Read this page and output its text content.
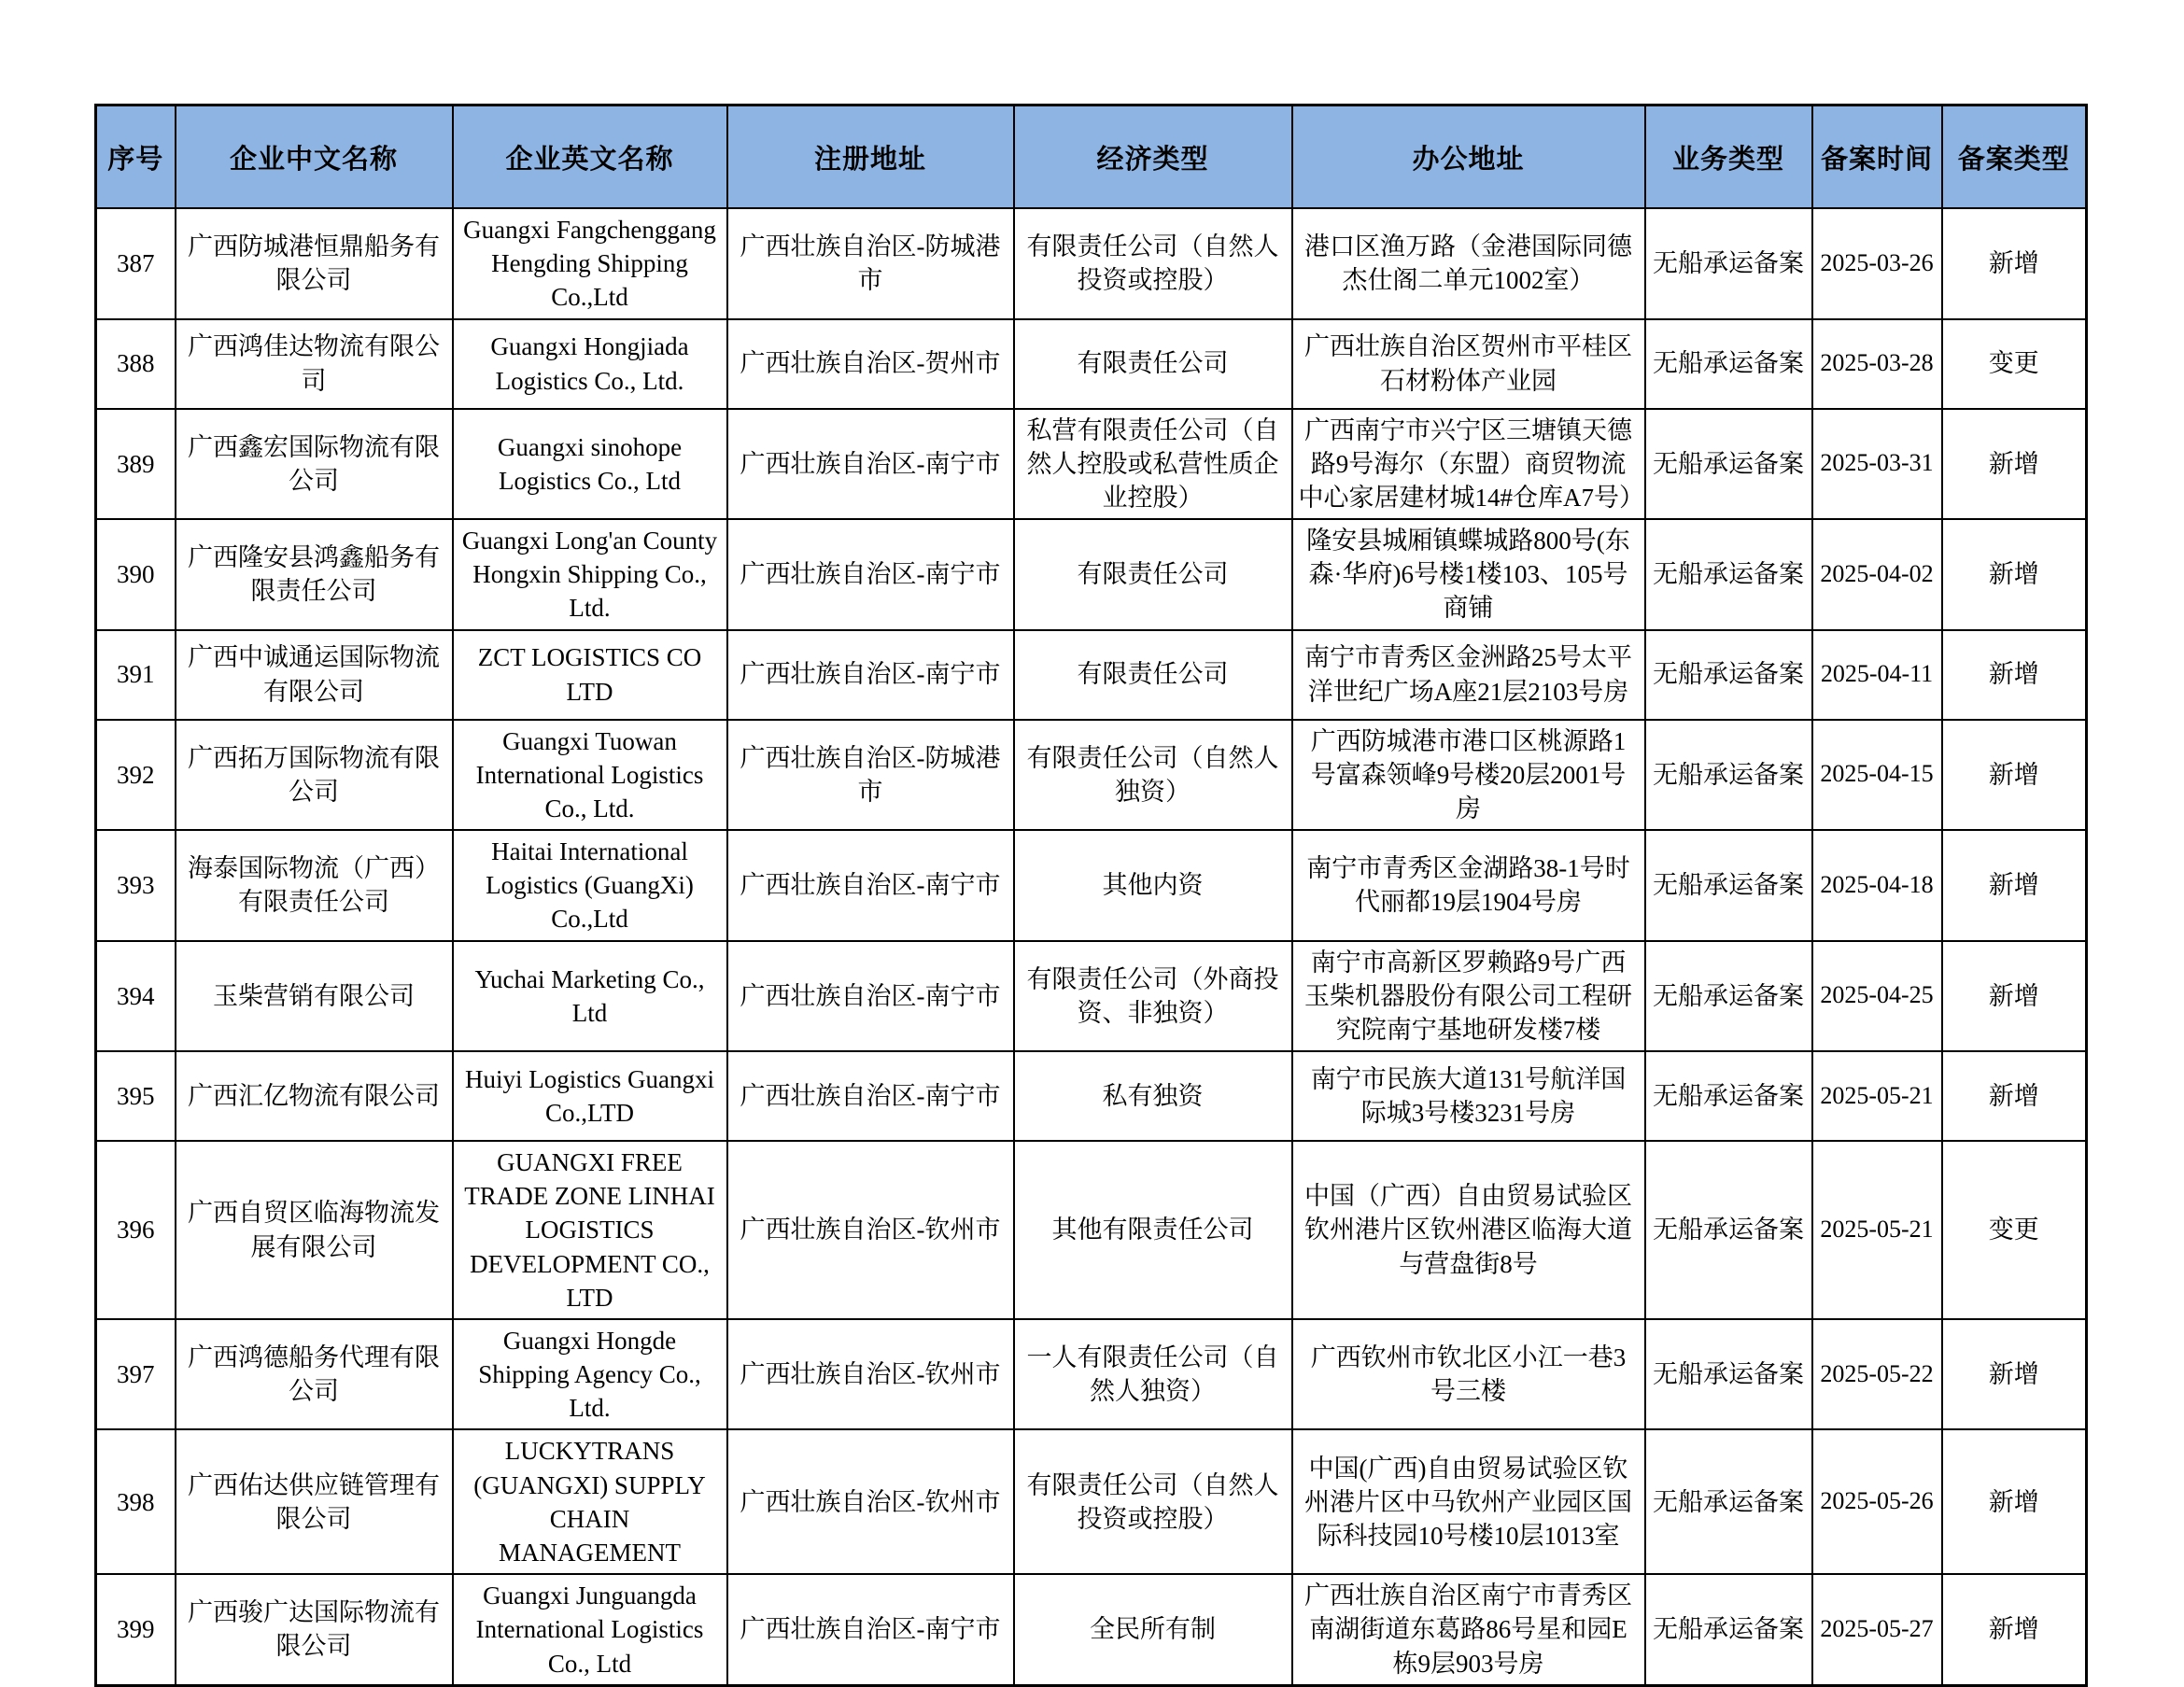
序号	企业中文名称	企业英文名称	注册地址	经济类型	办公地址	业务类型	备案时间	备案类型
387	广西防城港恒鼎船务有限公司	Guangxi Fangchenggang Hengding Shipping Co.,Ltd	广西壮族自治区-防城港市	有限责任公司（自然人投资或控股）	港口区渔万路（金港国际同德杰仕阁二单元1002室）	无船承运备案	2025-03-26	新增
388	广西鸿佳达物流有限公司	Guangxi Hongjiada Logistics Co., Ltd.	广西壮族自治区-贺州市	有限责任公司	广西壮族自治区贺州市平桂区石材粉体产业园	无船承运备案	2025-03-28	变更
389	广西鑫宏国际物流有限公司	Guangxi sinohope Logistics Co., Ltd	广西壮族自治区-南宁市	私营有限责任公司（自然人控股或私营性质企业控股）	广西南宁市兴宁区三塘镇天德路9号海尔（东盟）商贸物流中心家居建材城14#仓库A7号）	无船承运备案	2025-03-31	新增
390	广西隆安县鸿鑫船务有限责任公司	Guangxi Long'an County Hongxin Shipping Co., Ltd.	广西壮族自治区-南宁市	有限责任公司	隆安县城厢镇蝶城路800号(东森·华府)6号楼1楼103、105号商铺	无船承运备案	2025-04-02	新增
391	广西中诚通运国际物流有限公司	ZCT LOGISTICS CO LTD	广西壮族自治区-南宁市	有限责任公司	南宁市青秀区金洲路25号太平洋世纪广场A座21层2103号房	无船承运备案	2025-04-11	新增
392	广西拓万国际物流有限公司	Guangxi Tuowan International Logistics Co., Ltd.	广西壮族自治区-防城港市	有限责任公司（自然人独资）	广西防城港市港口区桃源路1号富森领峰9号楼20层2001号房	无船承运备案	2025-04-15	新增
393	海泰国际物流（广西）有限责任公司	Haitai International Logistics (GuangXi) Co.,Ltd	广西壮族自治区-南宁市	其他内资	南宁市青秀区金湖路38-1号时代丽都19层1904号房	无船承运备案	2025-04-18	新增
394	玉柴营销有限公司	Yuchai Marketing Co., Ltd	广西壮族自治区-南宁市	有限责任公司（外商投资、非独资）	南宁市高新区罗赖路9号广西玉柴机器股份有限公司工程研究院南宁基地研发楼7楼	无船承运备案	2025-04-25	新增
395	广西汇亿物流有限公司	Huiyi Logistics Guangxi Co.,LTD	广西壮族自治区-南宁市	私有独资	南宁市民族大道131号航洋国际城3号楼3231号房	无船承运备案	2025-05-21	新增
396	广西自贸区临海物流发展有限公司	GUANGXI FREE TRADE ZONE LINHAI LOGISTICS DEVELOPMENT CO., LTD	广西壮族自治区-钦州市	其他有限责任公司	中国（广西）自由贸易试验区钦州港片区钦州港区临海大道与营盘街8号	无船承运备案	2025-05-21	变更
397	广西鸿德船务代理有限公司	Guangxi Hongde Shipping Agency Co., Ltd.	广西壮族自治区-钦州市	一人有限责任公司（自然人独资）	广西钦州市钦北区小江一巷3号三楼	无船承运备案	2025-05-22	新增
398	广西佑达供应链管理有限公司	LUCKYTRANS (GUANGXI) SUPPLY CHAIN MANAGEMENT	广西壮族自治区-钦州市	有限责任公司（自然人投资或控股）	中国(广西)自由贸易试验区钦州港片区中马钦州产业园区国际科技园10号楼10层1013室	无船承运备案	2025-05-26	新增
399	广西骏广达国际物流有限公司	Guangxi Junguangda International Logistics Co., Ltd	广西壮族自治区-南宁市	全民所有制	广西壮族自治区南宁市青秀区南湖街道东葛路86号星和园E栋9层903号房	无船承运备案	2025-05-27	新增
